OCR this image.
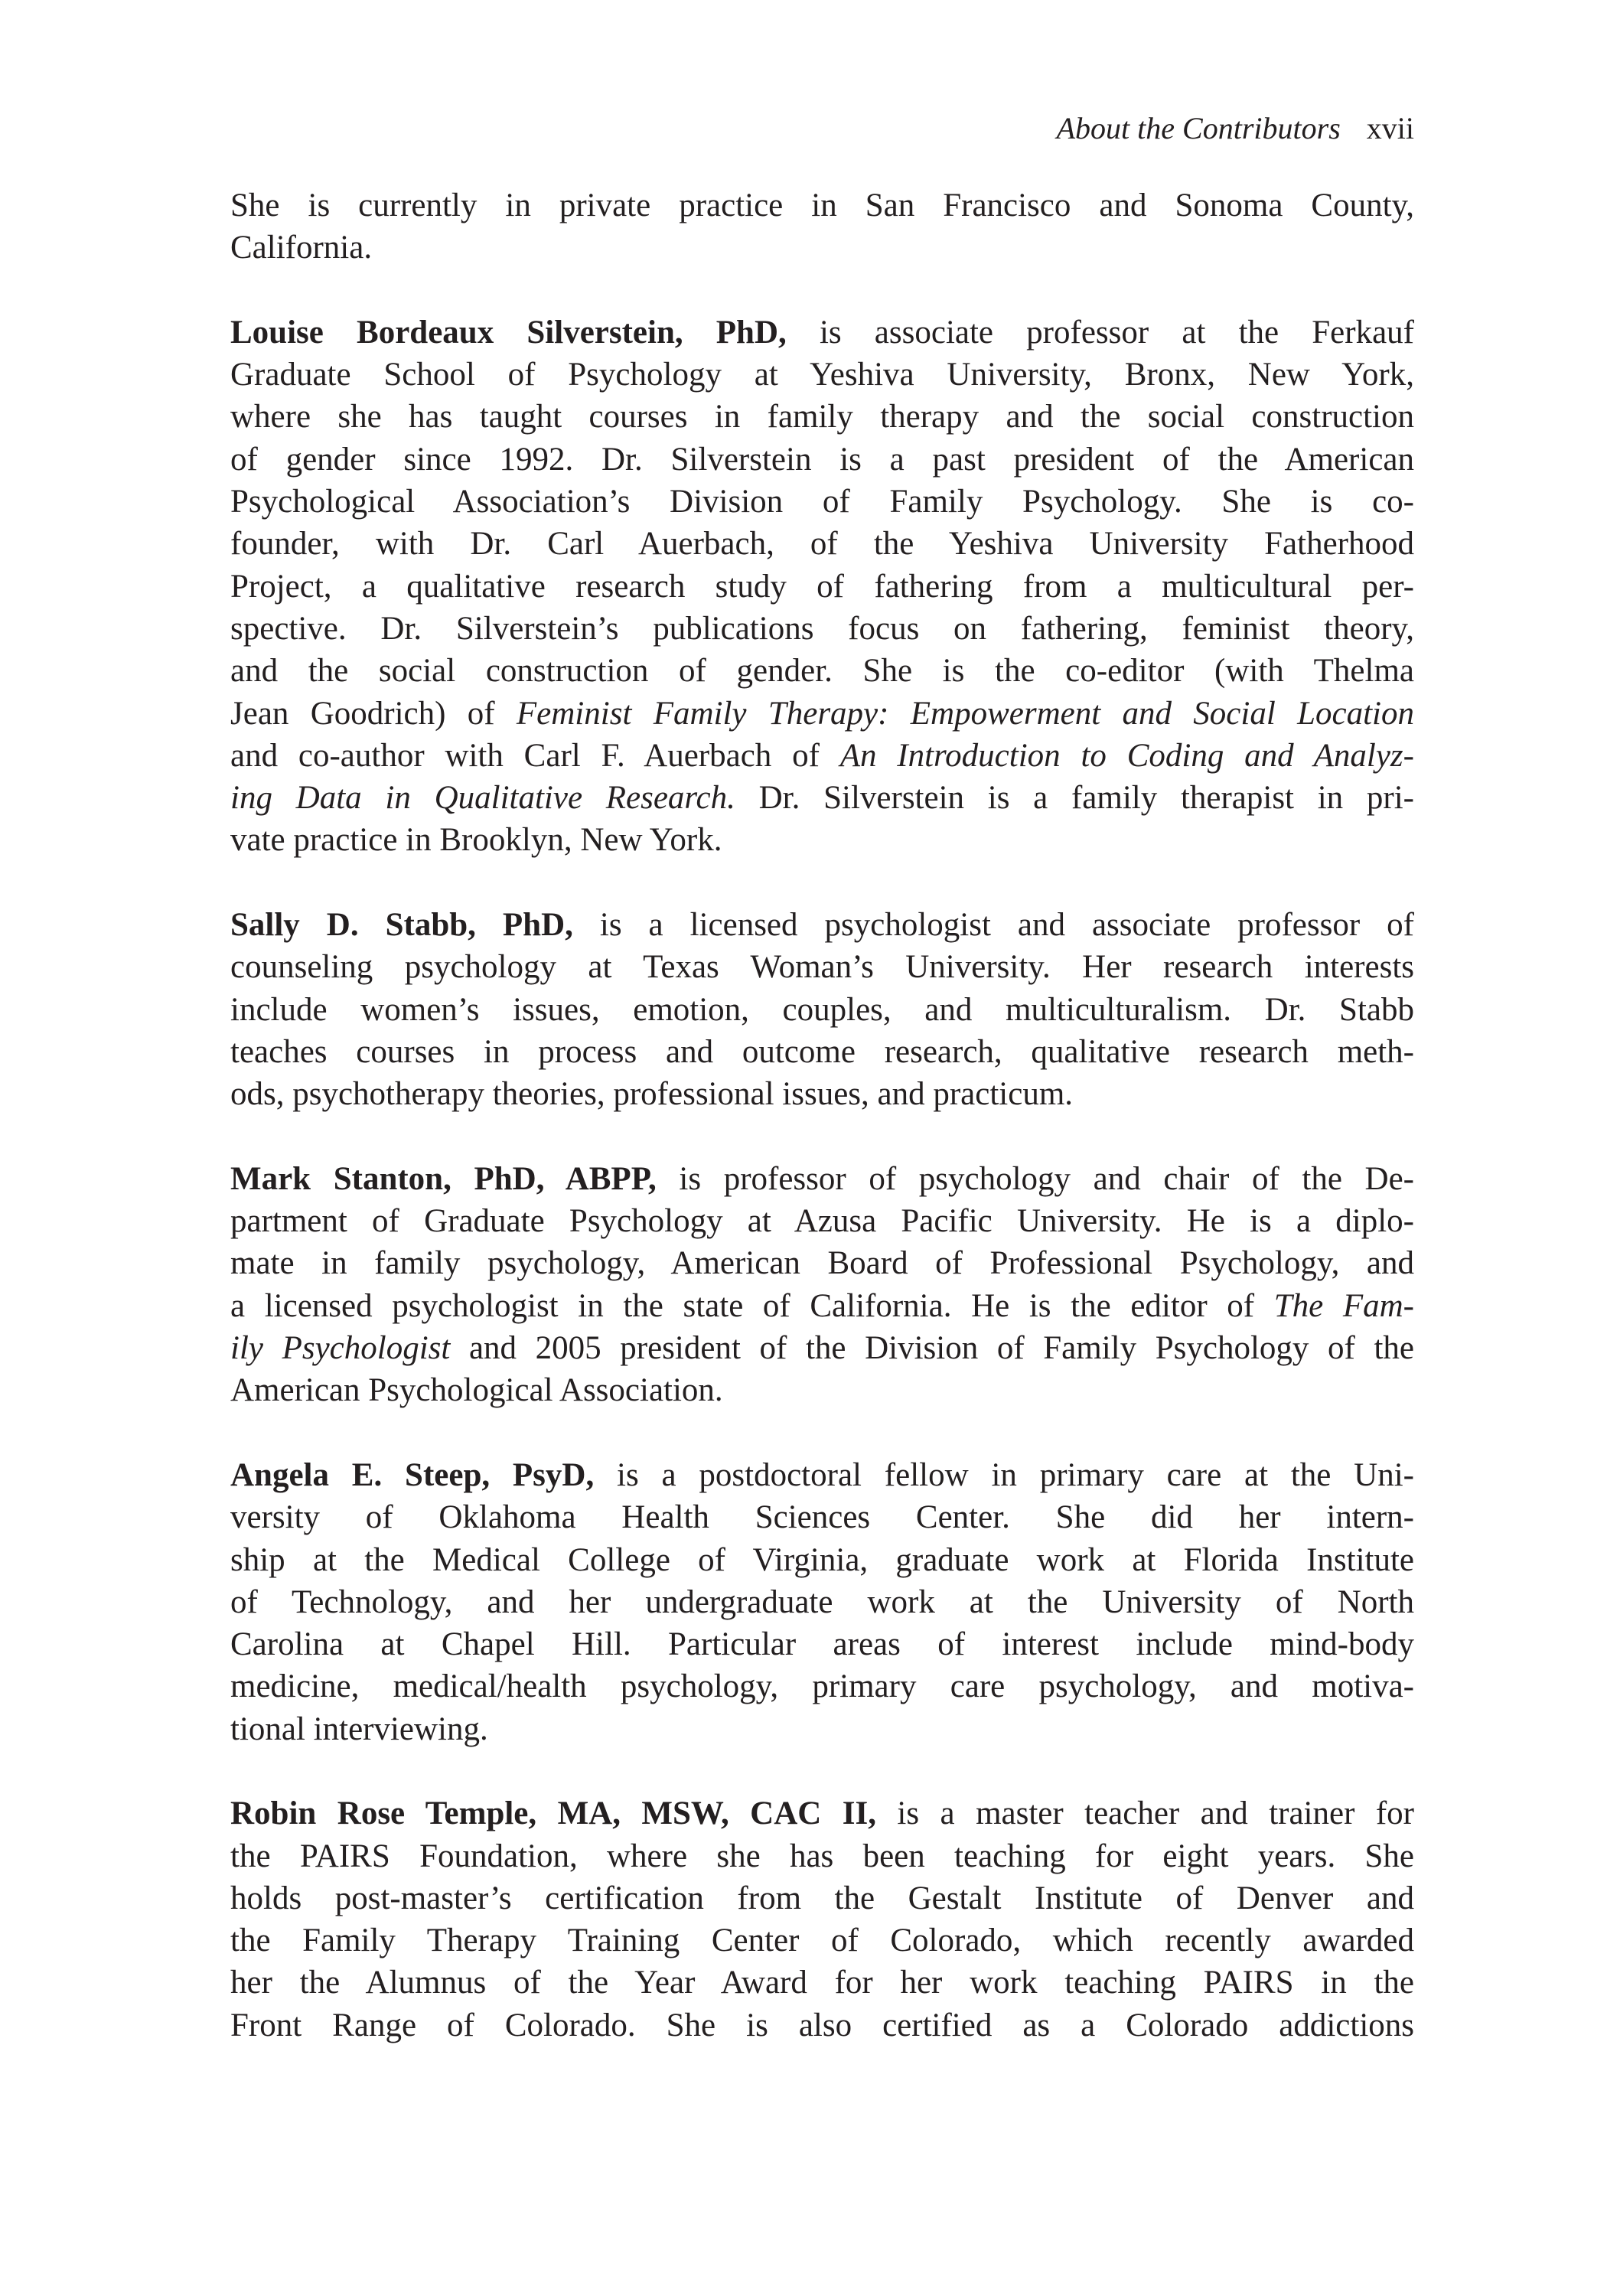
About the Contributors xvii
She is currently in private practice in San Francisco and Sonoma County,
California.
Louise Bordeaux Silverstein, PhD, is associate professor at the Ferkauf
Graduate School of Psychology at Yeshiva University, Bronx, New York,
where she has taught courses in family therapy and the social construction
of gender since 1992. Dr. Silverstein is a past president of the American
Psychological Association’s Division of Family Psychology. She is co-
founder, with Dr. Carl Auerbach, of the Yeshiva University Fatherhood
Project, a qualitative research study of fathering from a multicultural per-
spective. Dr. Silverstein’s publications focus on fathering, feminist theory,
and the social construction of gender. She is the co-editor (with Thelma
Jean Goodrich) of Feminist Family Therapy: Empowerment and Social Location
and co-author with Carl F. Auerbach of An Introduction to Coding and Analyz-
ing Data in Qualitative Research. Dr. Silverstein is a family therapist in pri-
vate practice in Brooklyn, New York.
Sally D. Stabb, PhD, is a licensed psychologist and associate professor of
counseling psychology at Texas Woman’s University. Her research interests
include women’s issues, emotion, couples, and multiculturalism. Dr. Stabb
teaches courses in process and outcome research, qualitative research meth-
ods, psychotherapy theories, professional issues, and practicum.
Mark Stanton, PhD, ABPP, is professor of psychology and chair of the De-
partment of Graduate Psychology at Azusa Pacific University. He is a diplo-
mate in family psychology, American Board of Professional Psychology, and
a licensed psychologist in the state of California. He is the editor of The Fam-
ily Psychologist and 2005 president of the Division of Family Psychology of the
American Psychological Association.
Angela E. Steep, PsyD, is a postdoctoral fellow in primary care at the Uni-
versity of Oklahoma Health Sciences Center. She did her intern-
ship at the Medical College of Virginia, graduate work at Florida Institute
of Technology, and her undergraduate work at the University of North
Carolina at Chapel Hill. Particular areas of interest include mind-body
medicine, medical/health psychology, primary care psychology, and motiva-
tional interviewing.
Robin Rose Temple, MA, MSW, CAC II, is a master teacher and trainer for
the PAIRS Foundation, where she has been teaching for eight years. She
holds post-master’s certification from the Gestalt Institute of Denver and
the Family Therapy Training Center of Colorado, which recently awarded
her the Alumnus of the Year Award for her work teaching PAIRS in the
Front Range of Colorado. She is also certified as a Colorado addictions
